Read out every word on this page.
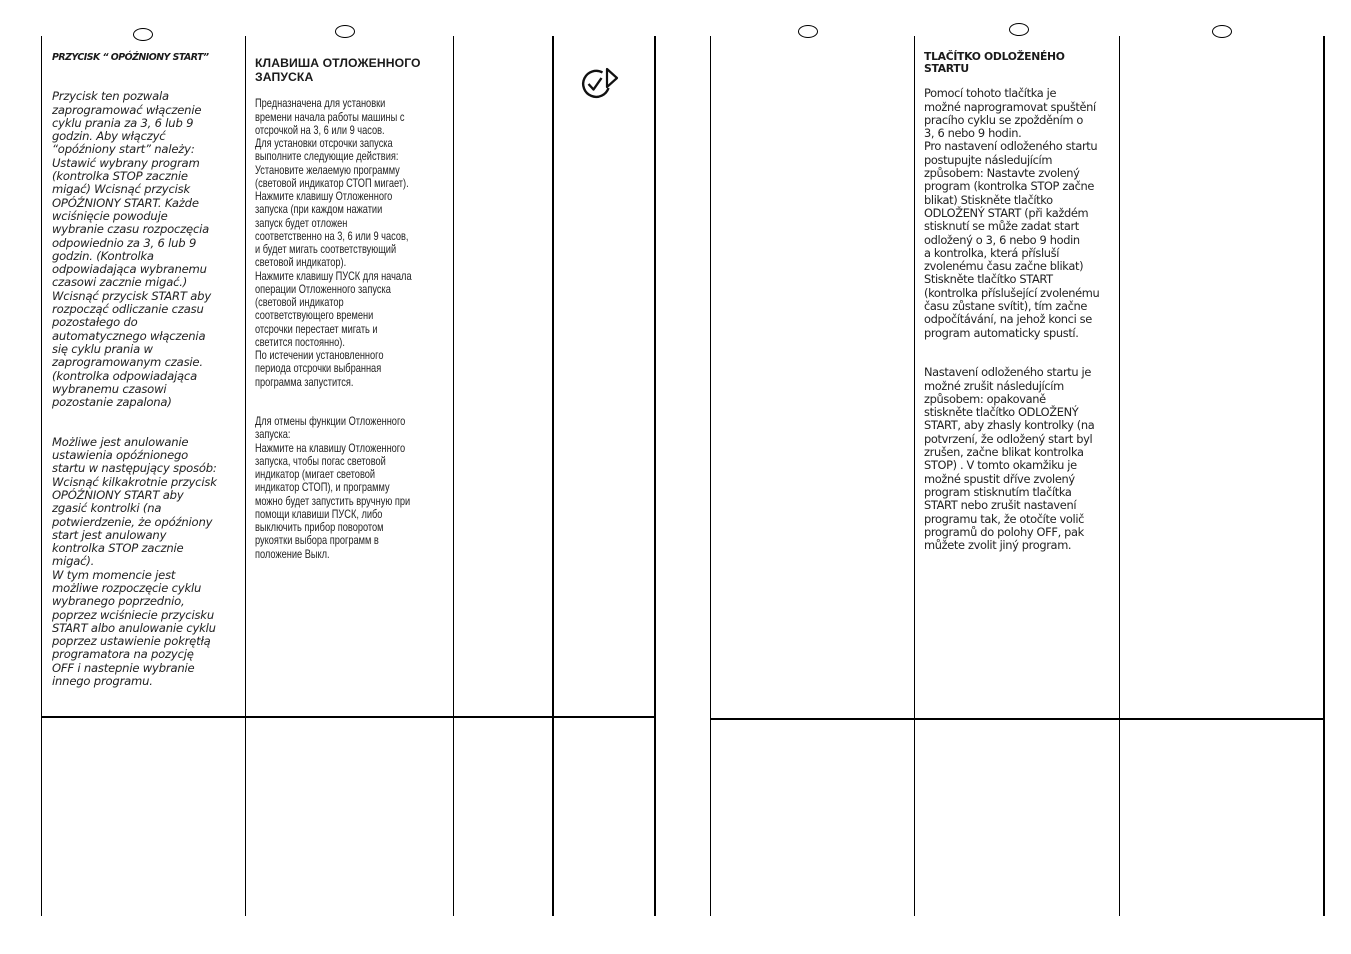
PRZYCISK “ OPÓŹNIONY START”

Przycisk ten pozwala
zaprogramować włączenie
cyklu prania za 3, 6 lub 9
godzin. Aby włączyć
“opóźniony start” należy:
Ustawić wybrany program
(kontrolka STOP zacznie
migać) Wcisnąć przycisk
OPÓŹNIONY START. Każde
wciśnięcie powoduje
wybranie czasu rozpoczęcia
odpowiednio za 3, 6 lub 9
godzin. (Kontrolka
odpowiadająca wybranemu
czasowi zacznie migać.)
Wcisnąć przycisk START aby
rozpocząć odliczanie czasu
pozostałego do
automatycznego włączenia
się cyklu prania w
zaprogramowanym czasie.
(kontrolka odpowiadająca
wybranemu czasowi
pozostanie zapalona)

Możliwe jest anulowanie
ustawienia opóźnionego
startu w następujący sposób:
Wcisnąć kilkakrotnie przycisk
OPÓŹNIONY START aby
zgasić kontrolki (na
potwierdzenie, że opóźniony
start jest anulowany
kontrolka STOP zacznie
migać).
W tym momencie jest
możliwe rozpoczęcie cyklu
wybranego poprzednio,
poprzez wciśniecie przycisku
START albo anulowanie cyklu
poprzez ustawienie pokrętłą
programatora na pozycję
OFF i nastepnie wybranie
innego programu.

КЛАВИША ОТЛОЖЕННОГО
ЗАПУСКА

Предназначена для установки
времени начала работы машины с
отсрочкой на 3, 6 или 9 часов.
Для установки отсрочки запуска
выполните следующие действия:
Установите желаемую программу
(световой индикатор СТОП мигает).
Нажмите клавишу Отложенного
запуска (при каждом нажатии
запуск будет отложен
соответственно на 3, 6 или 9 часов,
и будет мигать соответствующий
световой индикатор).
Нажмите клавишу ПУСК для начала
операции Отложенного запуска
(световой индикатор
соответствующего времени
отсрочки перестает мигать и
светится постоянно).
По истечении установленного
периода отсрочки выбранная
программа запустится.

Для отмены функции Отложенного
запуска:
Нажмите на клавишу Отложенного
запуска, чтобы погас световой
индикатор (мигает световой
индикатор СТОП), и программу
можно будет запустить вручную при
помощи клавиши ПУСК, либо
выключить прибор поворотом
рукоятки выбора программ в
положение Выкл.

TLAČÍTKO ODLOŽENÉHO
STARTU

Pomocí tohoto tlačítka je
možné naprogramovat spuštění
pracího cyklu se zpožděním o
3, 6 nebo 9 hodin.
Pro nastavení odloženého startu
postupujte následujícím
způsobem: Nastavte zvolený
program (kontrolka STOP začne
blikat) Stiskněte tlačítko
ODLOŽENÝ START (při každém
stisknutí se může zadat start
odložený o 3, 6 nebo 9 hodin
a kontrolka, která přísluší
zvolenému času začne blikat)
Stiskněte tlačítko START
(kontrolka příslušející zvolenému
času zůstane svítit), tím začne
odpočítávání, na jehož konci se
program automaticky spustí.

Nastavení odloženého startu je
možné zrušit následujícím
způsobem: opakovaně
stiskněte tlačítko ODLOŽENÝ
START, aby zhasly kontrolky (na
potvrzení, že odložený start byl
zrušen, začne blikat kontrolka
STOP) . V tomto okamžiku je
možné spustit dříve zvolený
program stisknutím tlačítka
START nebo zrušit nastavení
programu tak, že otočíte volič
programů do polohy OFF, pak
můžete zvolit jiný program.
